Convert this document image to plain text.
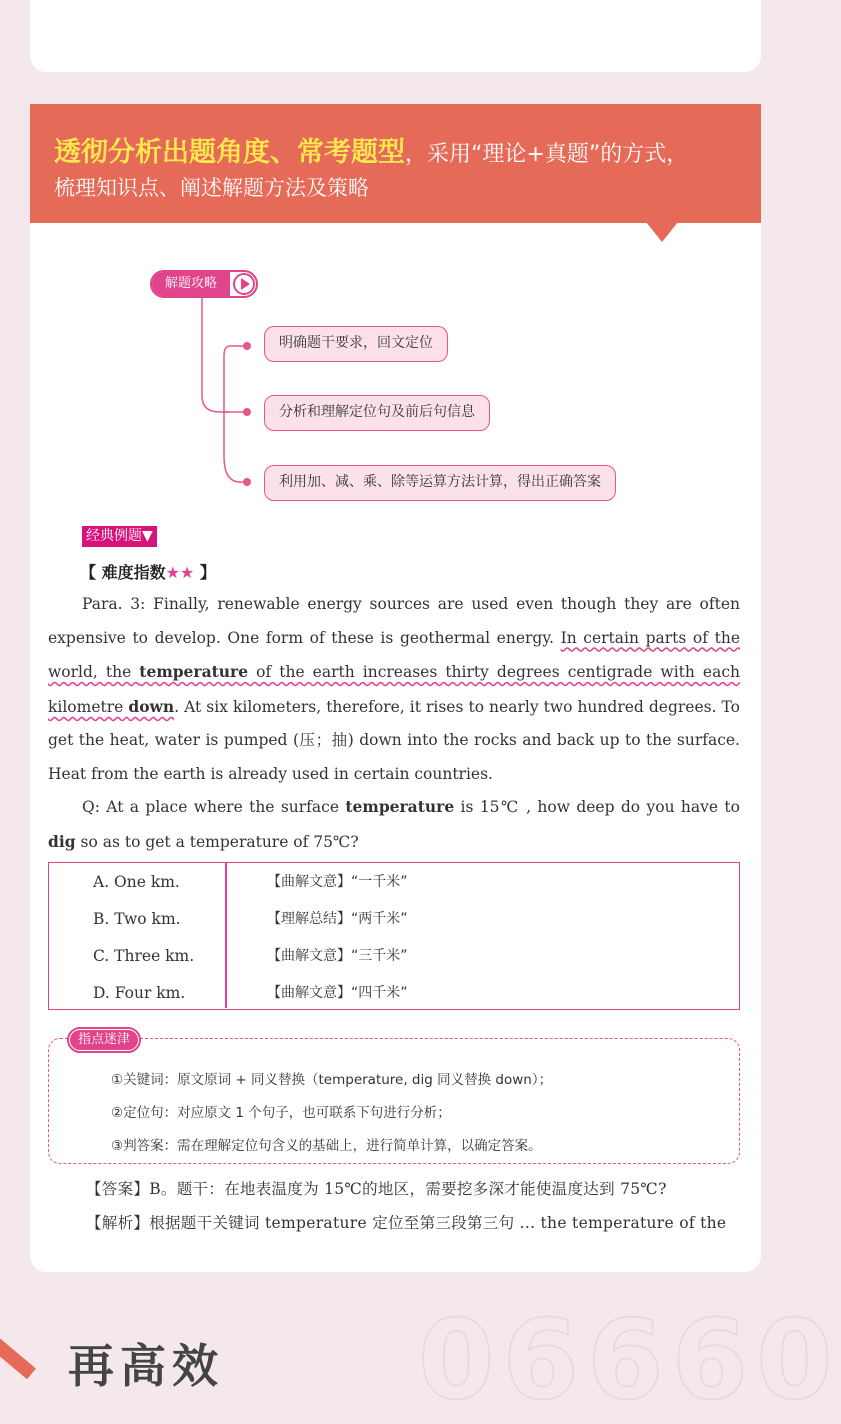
透彻分析出题角度、常考题型，采用“理论+真题”的方式，
梳理知识点、阐述解题方法及策略
解题攻略
明确题干要求，回文定位
分析和理解定位句及前后句信息
利用加、减、乘、除等运算方法计算，得出正确答案
经典例题▼
【 难度指数★★ 】

Para. 3: Finally, renewable energy sources are used even though they are often expensive to develop. One form of these is geothermal energy. In certain parts of the world, the temperature of the earth increases thirty degrees centigrade with each kilometre down. At six kilometers, therefore, it rises to nearly two hundred degrees. To get the heat, water is pumped (压；抽) down into the rocks and back up to the surface. Heat from the earth is already used in certain countries.

Q: At a place where the surface temperature is 15℃ , how deep do you have to dig so as to get a temperature of 75℃?

A. One km.
B. Two km.
C. Three km.
D. Four km.
【曲解文意】“一千米”
【理解总结】“两千米”
【曲解文意】“三千米”
【曲解文意】“四千米”
指点迷津
①关键词：原文原词 + 同义替换（temperature, dig 同义替换 down）；
②定位句：对应原文 1 个句子，也可联系下句进行分析；
③判答案：需在理解定位句含义的基础上，进行简单计算，以确定答案。
【答案】B。题干：在地表温度为 15℃的地区，需要挖多深才能使温度达到 75℃?
【解析】根据题干关键词 temperature 定位至第三段第三句 ... the temperature of the
06660
再高效
